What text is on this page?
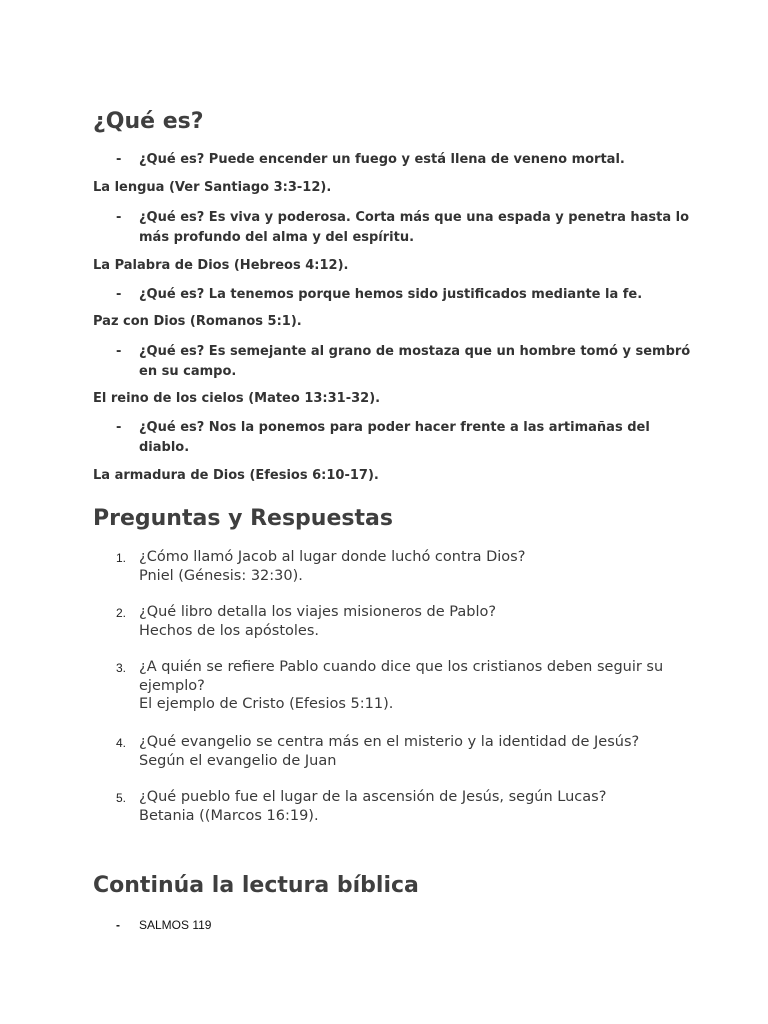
¿Qué es?
- ¿Qué es? Puede encender un fuego y está llena de veneno mortal.
La lengua (Ver Santiago 3:3-12).
- ¿Qué es? Es viva y poderosa. Corta más que una espada y penetra hasta lo más profundo del alma y del espíritu.
La Palabra de Dios (Hebreos 4:12).
- ¿Qué es? La tenemos porque hemos sido justificados mediante la fe.
Paz con Dios (Romanos 5:1).
- ¿Qué es? Es semejante al grano de mostaza que un hombre tomó y sembró en su campo.
El reino de los cielos (Mateo 13:31-32).
- ¿Qué es? Nos la ponemos para poder hacer frente a las artimañas del diablo.
La armadura de Dios (Efesios 6:10-17).
Preguntas y Respuestas
1. ¿Cómo llamó Jacob al lugar donde luchó contra Dios?
Pniel (Génesis: 32:30).
2. ¿Qué libro detalla los viajes misioneros de Pablo?
Hechos de los apóstoles.
3. ¿A quién se refiere Pablo cuando dice que los cristianos deben seguir su ejemplo?
El ejemplo de Cristo (Efesios 5:11).
4. ¿Qué evangelio se centra más en el misterio y la identidad de Jesús?
Según el evangelio de Juan
5. ¿Qué pueblo fue el lugar de la ascensión de Jesús, según Lucas?
Betania ((Marcos 16:19).
Continúa la lectura bíblica
- SALMOS 119
